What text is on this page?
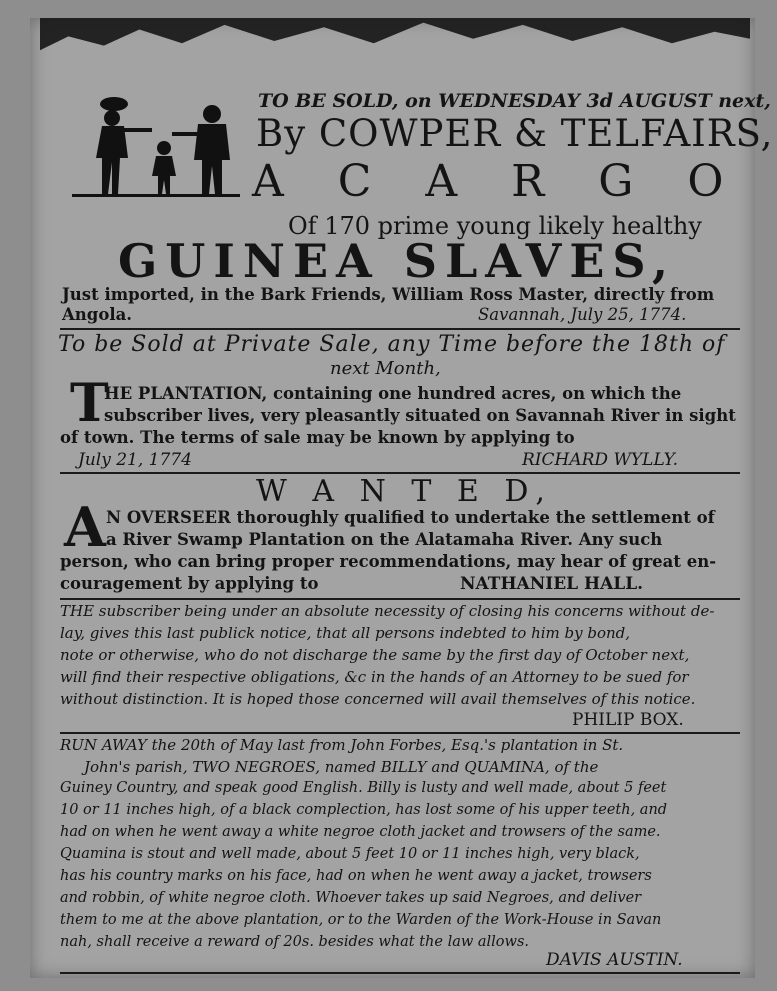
TO BE SOLD, on WEDNESDAY 3d AUGUST next,
By COWPER & TELFAIRS,
A C A R G O
Of 170 prime young likely healthy
GUINEA SLAVES,
Just imported, in the Bark Friends, William Ross Master, directly from
Angola.	Savannah, July 25, 1774.
To be Sold at Private Sale, any Time before the 18th of
next Month,
T
HE PLANTATION, containing one hundred acres, on which the
subscriber lives, very pleasantly situated on Savannah River in sight
of town. The terms of sale may be known by applying to
July 21, 1774	RICHARD WYLLY.
W A N T E D,
A N OVERSEER thoroughly qualified to undertake the settlement of
a River Swamp Plantation on the Alatamaha River. Any such
person, who can bring proper recommendations, may hear of great en-
couragement by applying to	NATHANIEL HALL.
THE subscriber being under an absolute necessity of closing his concerns without de-
lay, gives this last publick notice, that all persons indebted to him by bond,
note or otherwise, who do not discharge the same by the first day of October next,
will find their respective obligations, &c in the hands of an Attorney to be sued for
without distinction. It is hoped those concerned will avail themselves of this notice.
PHILIP BOX.
RUN AWAY the 20th of May last from John Forbes, Esq.'s plantation in St.
John's parish, TWO NEGROES, named BILLY and QUAMINA, of the
Guiney Country, and speak good English. Billy is lusty and well made, about 5 feet
10 or 11 inches high, of a black complection, has lost some of his upper teeth, and
had on when he went away a white negroe cloth jacket and trowsers of the same.
Quamina is stout and well made, about 5 feet 10 or 11 inches high, very black,
has his country marks on his face, had on when he went away a jacket, trowsers
and robbin, of white negroe cloth. Whoever takes up said Negroes, and deliver
them to me at the above plantation, or to the Warden of the Work-House in Savan
nah, shall receive a reward of 20s. besides what the law allows.
DAVIS AUSTIN.
